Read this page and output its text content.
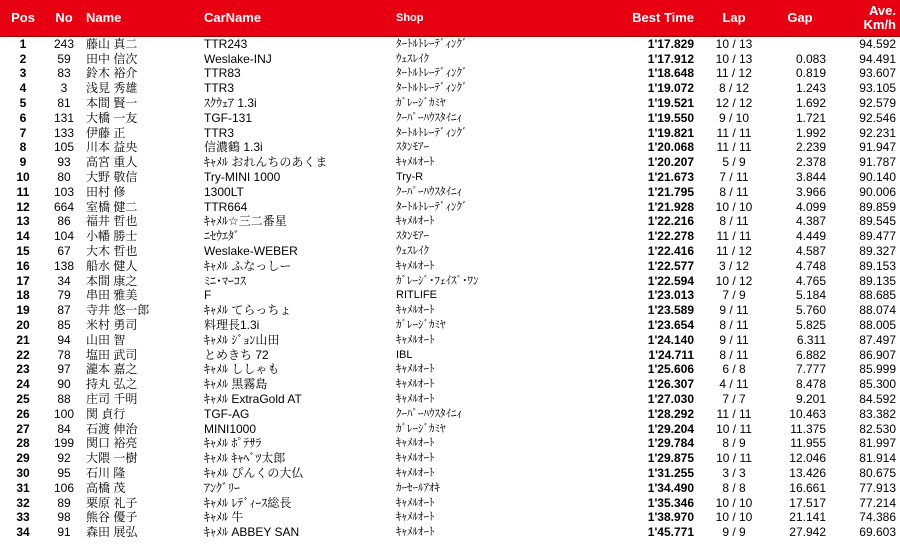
Pos	No	Name	CarName	Shop	Best Time	Lap	Gap	Ave.
Km/h

1	243	藤山 真二	TTR243	ﾀｰﾄﾙﾄﾚｰﾃﾞｨﾝｸﾞ	1'17.829	10 / 13		94.592
2	59	田中 信次	Weslake-INJ	ｳｪｽﾚｲｸ	1'17.912	10 / 13	0.083	94.491
3	83	鈴木 裕介	TTR83	ﾀｰﾄﾙﾄﾚｰﾃﾞｨﾝｸﾞ	1'18.648	11 / 12	0.819	93.607
4	3	浅見 秀雄	TTR3	ﾀｰﾄﾙﾄﾚｰﾃﾞｨﾝｸﾞ	1'19.072	8 / 12	1.243	93.105
5	81	本間 賢一	ｽｸｳｪｱ 1.3i	ｶﾞﾚｰｼﾞｶﾐﾔ	1'19.521	12 / 12	1.692	92.579
6	131	大橋 一友	TGF-131	ｸｰﾊﾟｰﾊｳｽﾀｲﾆｨ	1'19.550	9 / 10	1.721	92.546
7	133	伊藤 正	TTR3	ﾀｰﾄﾙﾄﾚｰﾃﾞｨﾝｸﾞ	1'19.821	11 / 11	1.992	92.231
8	105	川本 益央	信濃鶴 1.3i	ｽﾀﾝﾓｱｰ	1'20.068	11 / 11	2.239	91.947
9	93	高宮 重人	ｷｬﾒﾙ おれんちのあくま	ｷｬﾒﾙｵｰﾄ	1'20.207	5 / 9	2.378	91.787
10	80	大野 敬信	Try-MINI 1000	Try-R	1'21.673	7 / 11	3.844	90.140
11	103	田村 修	1300LT	ｸｰﾊﾟｰﾊｳｽﾀｲﾆｨ	1'21.795	8 / 11	3.966	90.006
12	664	室橋 健二	TTR664	ﾀｰﾄﾙﾄﾚｰﾃﾞｨﾝｸﾞ	1'21.928	10 / 10	4.099	89.859
13	86	福井 哲也	ｷｬﾒﾙ☆三二番星	ｷｬﾒﾙｵｰﾄ	1'22.216	8 / 11	4.387	89.545
14	104	小幡 勝士	ﾆｾｳｴﾀﾞ	ｽﾀﾝﾓｱｰ	1'22.278	11 / 11	4.449	89.477
15	67	大木 哲也	Weslake-WEBER	ｳｪｽﾚｲｸ	1'22.416	11 / 12	4.587	89.327
16	138	船水 健人	ｷｬﾒﾙ ふなっしー	ｷｬﾒﾙｵｰﾄ	1'22.577	3 / 12	4.748	89.153
17	34	本間 康之	ﾐﾆ･ﾏｰｺｽ	ｶﾞﾚｰｼﾞ･ﾌｪｲｽﾞ･ﾜﾝ	1'22.594	10 / 12	4.765	89.135
18	79	串田 雅美	F	RITLIFE	1'23.013	7 / 9	5.184	88.685
19	87	寺井 悠一郎	ｷｬﾒﾙ てらっちょ	ｷｬﾒﾙｵｰﾄ	1'23.589	9 / 11	5.760	88.074
20	85	米村 勇司	料理長1.3i	ｶﾞﾚｰｼﾞｶﾐﾔ	1'23.654	8 / 11	5.825	88.005
21	94	山田 智	ｷｬﾒﾙ ｼﾞｮﾝ山田	ｷｬﾒﾙｵｰﾄ	1'24.140	9 / 11	6.311	87.497
22	78	塩田 武司	とめきち 72	IBL	1'24.711	8 / 11	6.882	86.907
23	97	瀧本 嘉之	ｷｬﾒﾙ ししゃも	ｷｬﾒﾙｵｰﾄ	1'25.606	6 / 8	7.777	85.999
24	90	持丸 弘之	ｷｬﾒﾙ 黒霧島	ｷｬﾒﾙｵｰﾄ	1'26.307	4 / 11	8.478	85.300
25	88	庄司 千明	ｷｬﾒﾙ ExtraGold AT	ｷｬﾒﾙｵｰﾄ	1'27.030	7 / 7	9.201	84.592
26	100	関 貞行	TGF-AG	ｸｰﾊﾟｰﾊｳｽﾀｲﾆｨ	1'28.292	11 / 11	10.463	83.382
27	84	石渡 伸治	MINI1000	ｶﾞﾚｰｼﾞｶﾐﾔ	1'29.204	10 / 11	11.375	82.530
28	199	関口 裕亮	ｷｬﾒﾙ ﾎﾟﾃｻﾗ	ｷｬﾒﾙｵｰﾄ	1'29.784	8 / 9	11.955	81.997
29	92	大隈 一樹	ｷｬﾒﾙ ｷｬﾍﾞﾂ太郎	ｷｬﾒﾙｵｰﾄ	1'29.875	10 / 11	12.046	81.914
30	95	石川 隆	ｷｬﾒﾙ ぴんくの大仏	ｷｬﾒﾙｵｰﾄ	1'31.255	3 / 3	13.426	80.675
31	106	高橋 茂	ｱﾝｸﾞﾘｰ	ｶｰｾｰﾙｱｵｷ	1'34.490	8 / 8	16.661	77.913
32	89	栗原 礼子	ｷｬﾒﾙ ﾚﾃﾞｨｰｽ総長	ｷｬﾒﾙｵｰﾄ	1'35.346	10 / 10	17.517	77.214
33	98	熊谷 優子	ｷｬﾒﾙ 牛	ｷｬﾒﾙｵｰﾄ	1'38.970	10 / 10	21.141	74.386
34	91	森田 展弘	ｷｬﾒﾙ ABBEY SAN	ｷｬﾒﾙｵｰﾄ	1'45.771	9 / 9	27.942	69.603
